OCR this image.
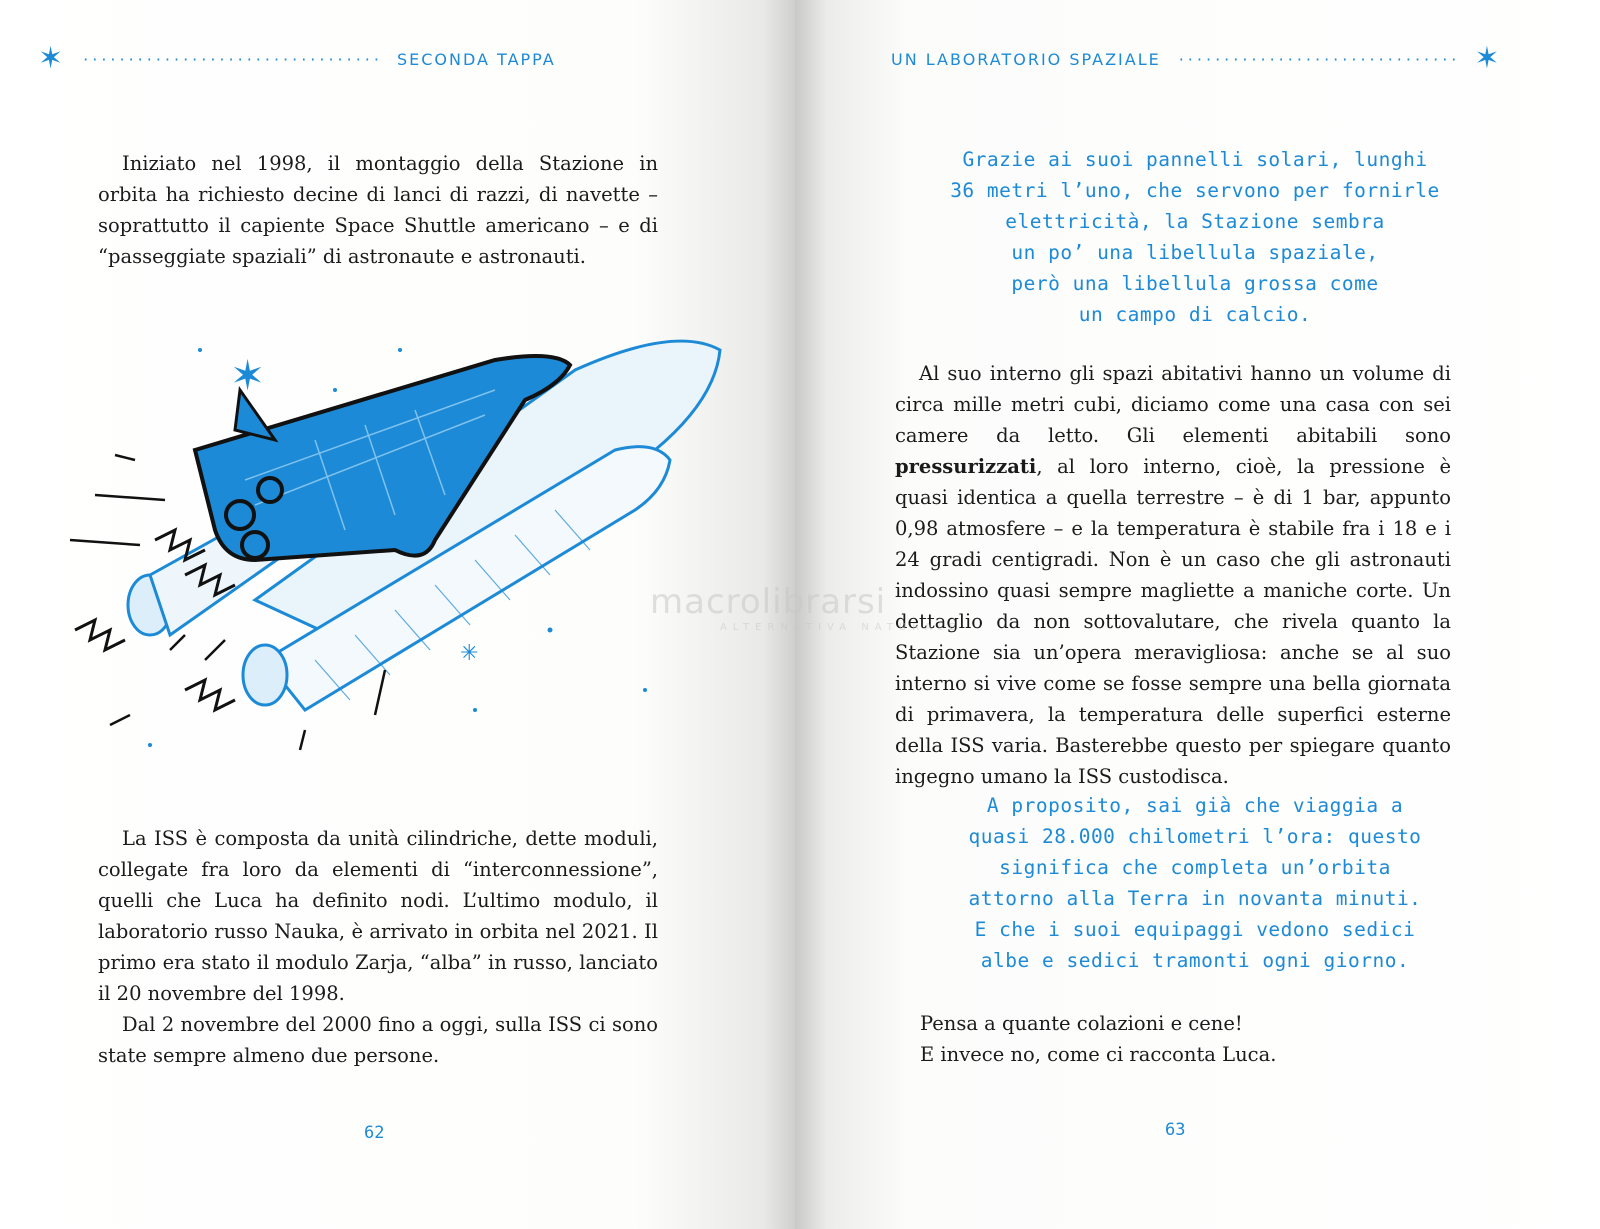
✶ ································· SECONDA TAPPA

Iniziato nel 1998, il montaggio della Stazione in orbita ha richiesto decine di lanci di razzi, di navette – soprattutto il capiente Space Shuttle americano – e di “passeggiate spaziali” di astronaute e astronauti.

✶
✳

La ISS è composta da unità cilindriche, dette moduli, collegate fra loro da elementi di “interconnessione”, quelli che Luca ha definito nodi. L’ultimo modulo, il laboratorio russo Nauka, è arrivato in orbita nel 2021. Il primo era stato il modulo Zarja, “alba” in russo, lanciato il 20 novembre del 1998.

Dal 2 novembre del 2000 fino a oggi, sulla ISS ci sono state sempre almeno due persone.

62
UN LABORATORIO SPAZIALE ······························· ✶
Grazie ai suoi pannelli solari, lunghi
36 metri l’uno, che servono per fornirle
elettricità, la Stazione sembra
un po’ una libellula spaziale,
però una libellula grossa come
un campo di calcio.

Al suo interno gli spazi abitativi hanno un volume di circa mille metri cubi, diciamo come una casa con sei camere da letto. Gli elementi abitabili sono pressurizzati, al loro interno, cioè, la pressione è quasi identica a quella terrestre – è di 1 bar, appunto 0,98 atmosfere – e la temperatura è stabile fra i 18 e i 24 gradi centigradi. Non è un caso che gli astronauti indossino quasi sempre magliette a maniche corte. Un dettaglio da non sottovalutare, che rivela quanto la Stazione sia un’opera meravigliosa: anche se al suo interno si vive come se fosse sempre una bella giornata di primavera, la temperatura delle superfici esterne della ISS varia. Basterebbe questo per spiegare quanto ingegno umano la ISS custodisca.

A proposito, sai già che viaggia a
quasi 28.000 chilometri l’ora: questo
significa che completa un’orbita
attorno alla Terra in novanta minuti.
E che i suoi equipaggi vedono sedici
albe e sedici tramonti ogni giorno.
Pensa a quante colazioni e cene!
E invece no, come ci racconta Luca.
63
macrolibrarsi
ALTERNATIVA NATURALE
